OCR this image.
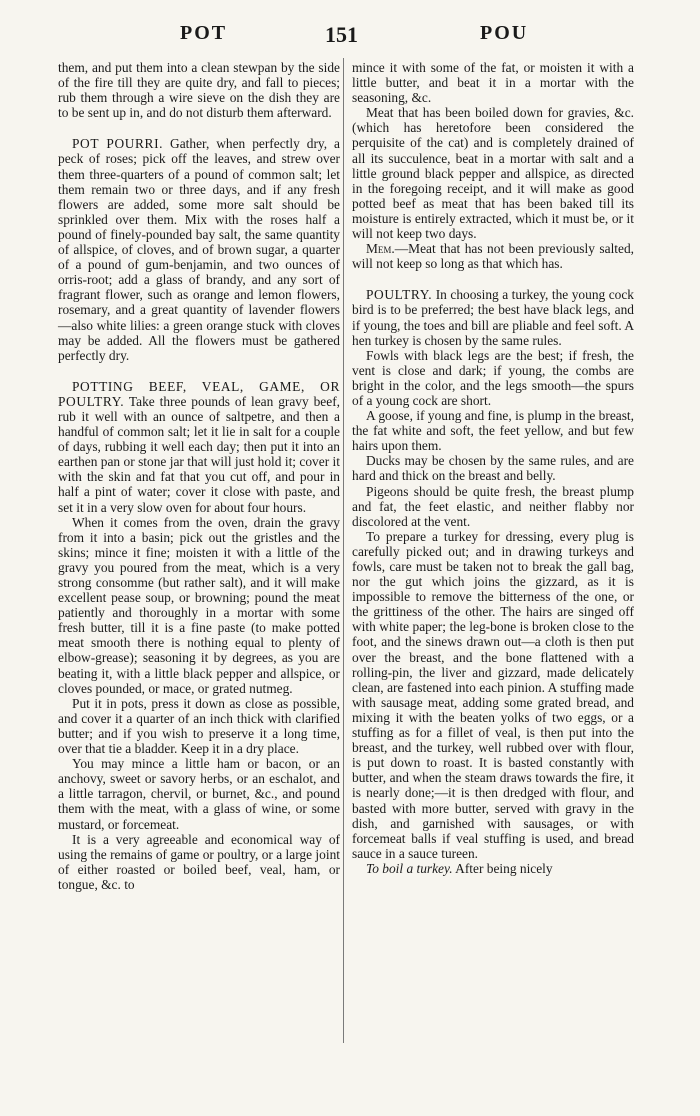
POT	151	POU

them, and put them into a clean stewpan by the side of the fire till they are quite dry, and fall to pieces; rub them through a wire sieve on the dish they are to be sent up in, and do not disturb them afterward.

POT POURRI. Gather, when perfectly dry, a peck of roses; pick off the leaves, and strew over them three-quarters of a pound of common salt; let them remain two or three days, and if any fresh flowers are added, some more salt should be sprinkled over them. Mix with the roses half a pound of finely-pounded bay salt, the same quantity of allspice, of cloves, and of brown sugar, a quarter of a pound of gum-benjamin, and two ounces of orris-root; add a glass of brandy, and any sort of fragrant flower, such as orange and lemon flowers, rosemary, and a great quantity of lavender flowers—also white lilies: a green orange stuck with cloves may be added. All the flowers must be gathered perfectly dry.

POTTING BEEF, VEAL, GAME, OR POULTRY. Take three pounds of lean gravy beef, rub it well with an ounce of saltpetre, and then a handful of common salt; let it lie in salt for a couple of days, rubbing it well each day; then put it into an earthen pan or stone jar that will just hold it; cover it with the skin and fat that you cut off, and pour in half a pint of water; cover it close with paste, and set it in a very slow oven for about four hours.

When it comes from the oven, drain the gravy from it into a basin; pick out the gristles and the skins; mince it fine; moisten it with a little of the gravy you poured from the meat, which is a very strong consomme (but rather salt), and it will make excellent pease soup, or browning; pound the meat patiently and thoroughly in a mortar with some fresh butter, till it is a fine paste (to make potted meat smooth there is nothing equal to plenty of elbow-grease); seasoning it by degrees, as you are beating it, with a little black pepper and allspice, or cloves pounded, or mace, or grated nutmeg.

Put it in pots, press it down as close as possible, and cover it a quarter of an inch thick with clarified butter; and if you wish to preserve it a long time, over that tie a bladder. Keep it in a dry place.

You may mince a little ham or bacon, or an anchovy, sweet or savory herbs, or an eschalot, and a little tarragon, chervil, or burnet, &c., and pound them with the meat, with a glass of wine, or some mustard, or forcemeat.

It is a very agreeable and economical way of using the remains of game or poultry, or a large joint of either roasted or boiled beef, veal, ham, or tongue, &c. to

mince it with some of the fat, or moisten it with a little butter, and beat it in a mortar with the seasoning, &c.

Meat that has been boiled down for gravies, &c. (which has heretofore been considered the perquisite of the cat) and is completely drained of all its succulence, beat in a mortar with salt and a little ground black pepper and allspice, as directed in the foregoing receipt, and it will make as good potted beef as meat that has been baked till its moisture is entirely extracted, which it must be, or it will not keep two days.

Mem.—Meat that has not been previously salted, will not keep so long as that which has.

POULTRY. In choosing a turkey, the young cock bird is to be preferred; the best have black legs, and if young, the toes and bill are pliable and feel soft. A hen turkey is chosen by the same rules.

Fowls with black legs are the best; if fresh, the vent is close and dark; if young, the combs are bright in the color, and the legs smooth—the spurs of a young cock are short.

A goose, if young and fine, is plump in the breast, the fat white and soft, the feet yellow, and but few hairs upon them.

Ducks may be chosen by the same rules, and are hard and thick on the breast and belly.

Pigeons should be quite fresh, the breast plump and fat, the feet elastic, and neither flabby nor discolored at the vent.

To prepare a turkey for dressing, every plug is carefully picked out; and in drawing turkeys and fowls, care must be taken not to break the gall bag, nor the gut which joins the gizzard, as it is impossible to remove the bitterness of the one, or the grittiness of the other. The hairs are singed off with white paper; the leg-bone is broken close to the foot, and the sinews drawn out—a cloth is then put over the breast, and the bone flattened with a rolling-pin, the liver and gizzard, made delicately clean, are fastened into each pinion. A stuffing made with sausage meat, adding some grated bread, and mixing it with the beaten yolks of two eggs, or a stuffing as for a fillet of veal, is then put into the breast, and the turkey, well rubbed over with flour, is put down to roast. It is basted constantly with butter, and when the steam draws towards the fire, it is nearly done;—it is then dredged with flour, and basted with more butter, served with gravy in the dish, and garnished with sausages, or with forcemeat balls if veal stuffing is used, and bread sauce in a sauce tureen.

To boil a turkey. After being nicely
